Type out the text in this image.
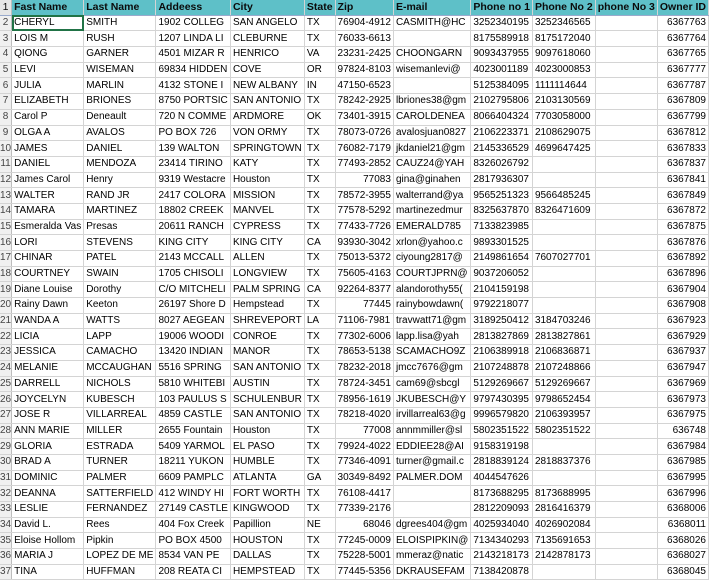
1	Fast Name	Last Name	Addeess	City	State	Zip	E-mail	Phone no 1	Phone No 2	phone No 3	Owner ID
2	CHERYL	SMITH	1902 COLLEG	SAN ANGELO	TX	76904-4912	CASMITH@HC	3252340195	3252346565		6367763
3	LOIS M	RUSH	1207 LINDA LI	CLEBURNE	TX	76033-6613		8175589918	8175172040		6367764
4	QIONG	GARNER	4501 MIZAR R	HENRICO	VA	23231-2425	CHOONGARN	9093437955	9097618060		6367765
5	LEVI	WISEMAN	69834 HIDDEN	COVE	OR	97824-8103	wisemanlevi@	4023001189	4023000853		6367777
6	JULIA	MARLIN	4132 STONE I	NEW ALBANY	IN	47150-6523		5125384095	1111114644		6367787
7	ELIZABETH	BRIONES	8750 PORTSIC	SAN ANTONIO	TX	78242-2925	lbriones38@gm	2102795806	2103130569		6367809
8	Carol P	Deneault	720 N COMME	ARDMORE	OK	73401-3915	CAROLDENEA	8066404324	7703058000		6367799
9	OLGA A	AVALOS	PO BOX 726	VON ORMY	TX	78073-0726	avalosjuan0827	2106223371	2108629075		6367812
10	JAMES	DANIEL	139 WALTON	SPRINGTOWN	TX	76082-7179	jkdaniel21@gm	2145336529	4699647425		6367833
11	DANIEL	MENDOZA	23414 TIRINO	KATY	TX	77493-2852	CAUZ24@YAH	8326026792			6367837
12	James Carol	Henry	9319 Westacre	Houston	TX	77083	gina@ginahen	2817936307			6367841
13	WALTER	RAND JR	2417 COLORA	MISSION	TX	78572-3955	walterrand@ya	9565251323	9566485245		6367849
14	TAMARA	MARTINEZ	18802 CREEK	MANVEL	TX	77578-5292	martinezedmur	8325637870	8326471609		6367872
15	Esmeralda Vas	Presas	20611 RANCH	CYPRESS	TX	77433-7726	EMERALD785	7133823985			6367875
16	LORI	STEVENS	KING CITY	KING CITY	CA	93930-3042	xrlon@yahoo.c	9893301525			6367876
17	CHINAR	PATEL	2143 MCCALL	ALLEN	TX	75013-5372	ciyoung2817@	2149861654	7607027701		6367892
18	COURTNEY	SWAIN	1705 CHISOLI	LONGVIEW	TX	75605-4163	COURTJPRN@	9037206052			6367896
19	Diane Louise	Dorothy	C/O MITCHELI	PALM SPRING	CA	92264-8377	alandorothy55(	2104159198			6367904
20	Rainy Dawn	Keeton	26197 Shore D	Hempstead	TX	77445	rainybowdawn(	9792218077			6367908
21	WANDA A	WATTS	8027 AEGEAN	SHREVEPORT	LA	71106-7981	travwatt71@gm	3189250412	3184703246		6367923
22	LICIA	LAPP	19006 WOODI	CONROE	TX	77302-6006	lapp.lisa@yah	2813827869	2813827861		6367929
23	JESSICA	CAMACHO	13420 INDIAN	MANOR	TX	78653-5138	SCAMACHO9Z	2106389918	2106836871		6367937
24	MELANIE	MCCAUGHAN	5516 SPRING	SAN ANTONIO	TX	78232-2018	jmcc7676@gm	2107248878	2107248866		6367947
25	DARRELL	NICHOLS	5810 WHITEBI	AUSTIN	TX	78724-3451	cam69@sbcgl	5129269667	5129269667		6367969
26	JOYCELYN	KUBESCH	103 PAULUS S	SCHULENBUR	TX	78956-1619	JKUBESCH@Y	9797430395	9798652454		6367973
27	JOSE R	VILLARREAL	4859 CASTLE	SAN ANTONIO	TX	78218-4020	irvillarreal63@g	9996579820	2106393957		6367975
28	ANN MARIE	MILLER	2655 Fountain	Houston	TX	77008	annmmiller@sl	5802351522	5802351522		636748
29	GLORIA	ESTRADA	5409 YARMOL	EL PASO	TX	79924-4022	EDDIEE28@AI	9158319198			6367984
30	BRAD A	TURNER	18211 YUKON	HUMBLE	TX	77346-4091	turner@gmail.c	2818839124	2818837376		6367985
31	DOMINIC	PALMER	6609 PAMPLC	ATLANTA	GA	30349-8492	PALMER.DOM	4044547626			6367995
32	DEANNA	SATTERFIELD	412 WINDY HI	FORT WORTH	TX	76108-4417		8173688295	8173688995		6367996
33	LESLIE	FERNANDEZ	27149 CASTLE	KINGWOOD	TX	77339-2176		2812209093	2816416379		6368006
34	David L.	Rees	404 Fox Creek	Papillion	NE	68046	dgrees404@gm	4025934040	4026902084		6368011
35	Eloise Hollom	Pipkin	PO BOX 4500	HOUSTON	TX	77245-0009	ELOISPIPKIN@	7134340293	7135691653		6368026
36	MARIA J	LOPEZ DE ME	8534 VAN PE	DALLAS	TX	75228-5001	mmeraz@natic	2143218173	2142878173		6368027
37	TINA	HUFFMAN	208 REATA CI	HEMPSTEAD	TX	77445-5356	DKRAUSEFAM	7138420878			6368045
